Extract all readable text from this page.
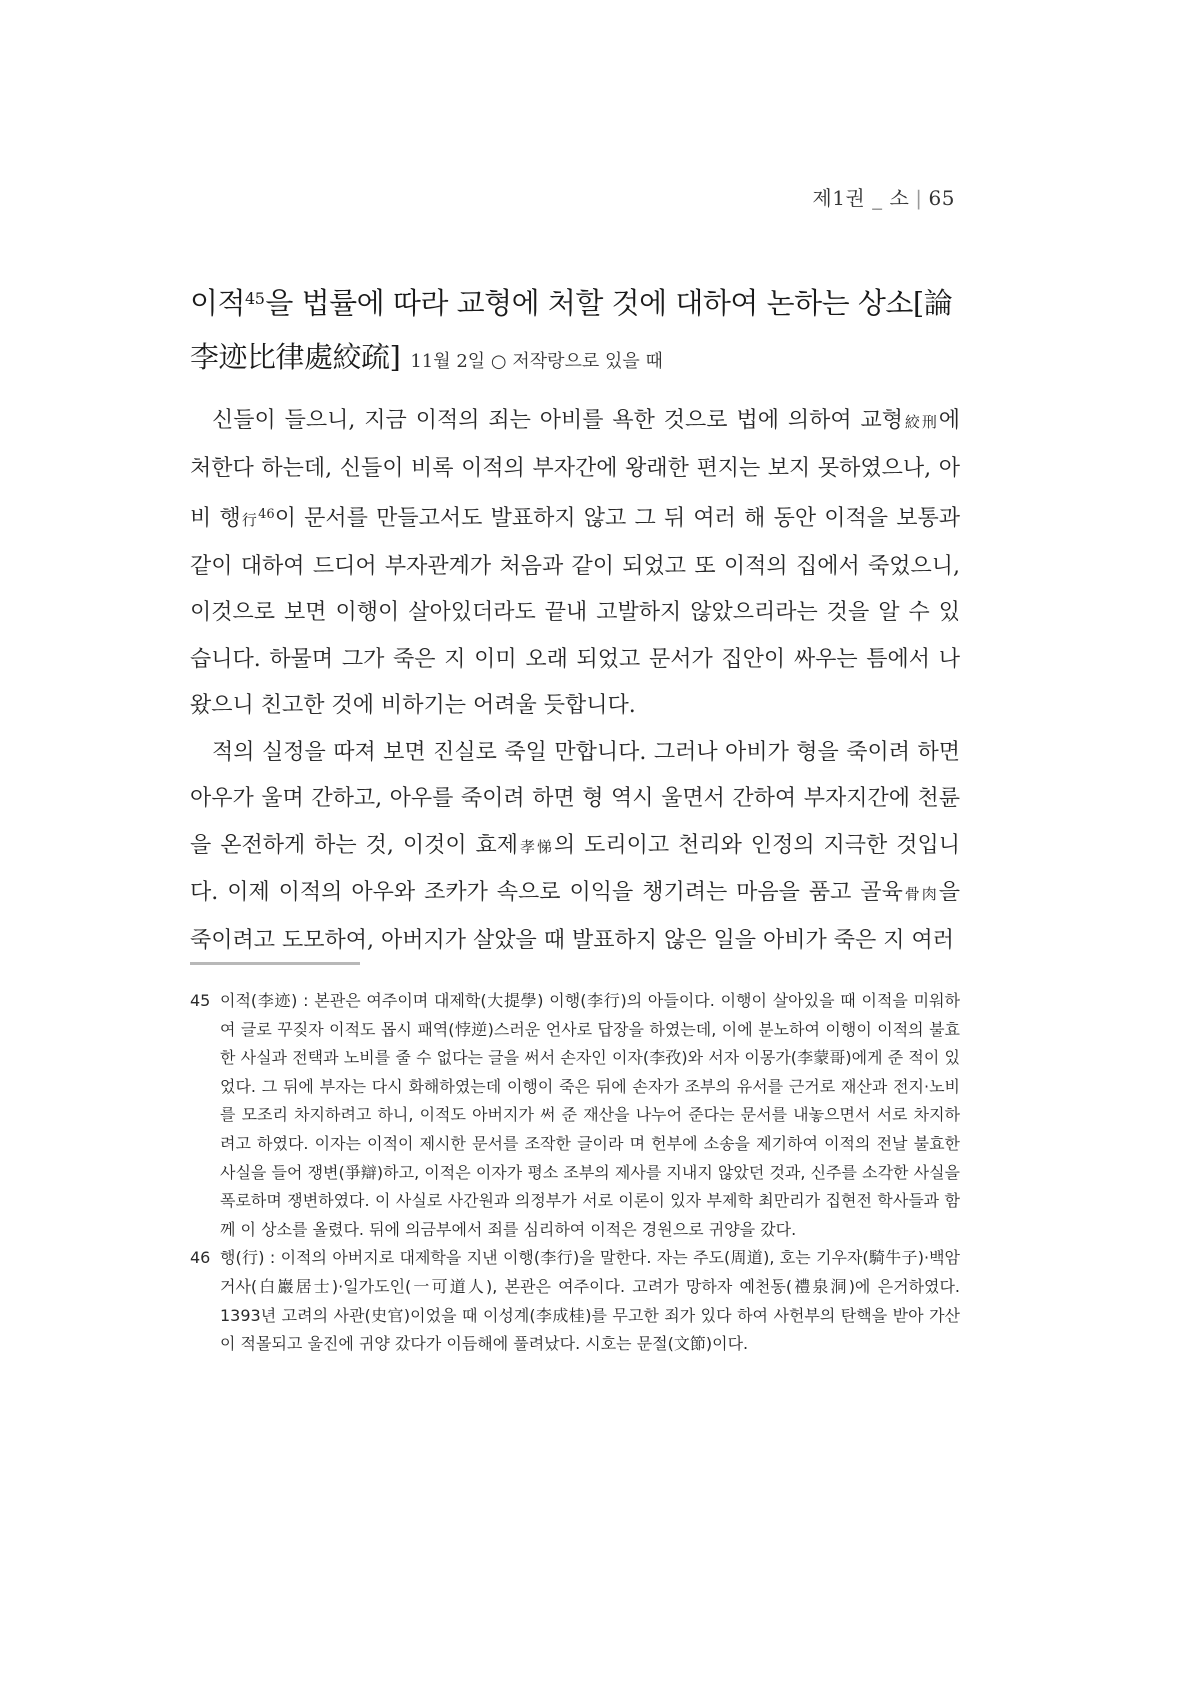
제1권 _ 소 | 65
이적$^{45}$을 법률에 따라 교형에 처할 것에 대하여 논하는 상소[論李迹比律處絞疏] 11월 2일 ○ 저작랑으로 있을 때

신들이 들으니, 지금 이적의 죄는 아비를 욕한 것으로 법에 의하여 교형絞刑에 처한다 하는데, 신들이 비록 이적의 부자간에 왕래한 편지는 보지 못하였으나, 아비 행行$^{46}$이 문서를 만들고서도 발표하지 않고 그 뒤 여러 해 동안 이적을 보통과 같이 대하여 드디어 부자관계가 처음과 같이 되었고 또 이적의 집에서 죽었으니, 이것으로 보면 이행이 살아있더라도 끝내 고발하지 않았으리라는 것을 알 수 있습니다. 하물며 그가 죽은 지 이미 오래 되었고 문서가 집안이 싸우는 틈에서 나왔으니 친고한 것에 비하기는 어려울 듯합니다.

적의 실정을 따져 보면 진실로 죽일 만합니다. 그러나 아비가 형을 죽이려 하면 아우가 울며 간하고, 아우를 죽이려 하면 형 역시 울면서 간하여 부자지간에 천륜을 온전하게 하는 것, 이것이 효제孝悌의 도리이고 천리와 인정의 지극한 것입니다. 이제 이적의 아우와 조카가 속으로 이익을 챙기려는 마음을 품고 골육骨肉을 죽이려고 도모하여, 아버지가 살았을 때 발표하지 않은 일을 아비가 죽은 지 여러

45 이적(李迹) : 본관은 여주이며 대제학(大提學) 이행(李行)의 아들이다. 이행이 살아있을 때 이적을 미워하여 글로 꾸짖자 이적도 몹시 패역(悖逆)스러운 언사로 답장을 하였는데, 이에 분노하여 이행이 이적의 불효한 사실과 전택과 노비를 줄 수 없다는 글을 써서 손자인 이자(李孜)와 서자 이몽가(李蒙哥)에게 준 적이 있었다. 그 뒤에 부자는 다시 화해하였는데 이행이 죽은 뒤에 손자가 조부의 유서를 근거로 재산과 전지·노비를 모조리 차지하려고 하니, 이적도 아버지가 써 준 재산을 나누어 준다는 문서를 내놓으면서 서로 차지하려고 하였다. 이자는 이적이 제시한 문서를 조작한 글이라 며 헌부에 소송을 제기하여 이적의 전날 불효한 사실을 들어 쟁변(爭辯)하고, 이적은 이자가 평소 조부의 제사를 지내지 않았던 것과, 신주를 소각한 사실을 폭로하며 쟁변하였다. 이 사실로 사간원과 의정부가 서로 이론이 있자 부제학 최만리가 집현전 학사들과 함께 이 상소를 올렸다. 뒤에 의금부에서 죄를 심리하여 이적은 경원으로 귀양을 갔다.
46 행(行) : 이적의 아버지로 대제학을 지낸 이행(李行)을 말한다. 자는 주도(周道), 호는 기우자(騎牛子)·백암거사(白巖居士)·일가도인(一可道人), 본관은 여주이다. 고려가 망하자 예천동(禮泉洞)에 은거하였다. 1393년 고려의 사관(史官)이었을 때 이성계(李成桂)를 무고한 죄가 있다 하여 사헌부의 탄핵을 받아 가산이 적몰되고 울진에 귀양 갔다가 이듬해에 풀려났다. 시호는 문절(文節)이다.
